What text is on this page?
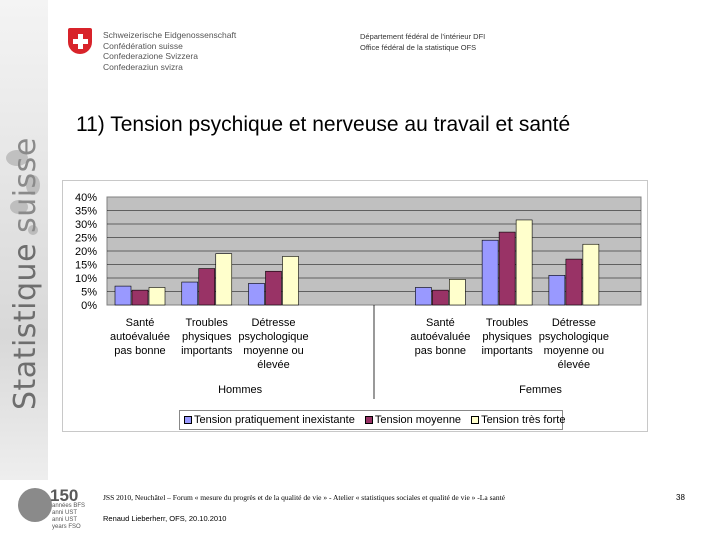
Statistique suisse
Schweizerische Eidgenossenschaft
Confédération suisse
Confederazione Svizzera
Confederaziun svizra
Département fédéral de l'intérieur DFI
Office fédéral de la statistique OFS
11) Tension psychique et nerveuse au travail et santé
40%
35%
30%
25%
20%
15%
10%
5%
0%
Santé
autoévaluée
pas bonne
Troubles
physiques
importants
Détresse
psychologique
moyenne ou
élevée
Santé
autoévaluée
pas bonne
Troubles
physiques
importants
Détresse
psychologique
moyenne ou
élevée
Hommes	Femmes
Tension pratiquement inexistante Tension moyenne Tension très forte
150
années BFS
anni UST
anni UST
years FSO
JSS 2010, Neuchâtel – Forum « mesure du progrès et de la qualité de vie » - Atelier « statistiques sociales et qualité de vie » -La santé
Renaud Lieberherr, OFS, 20.10.2010
38
